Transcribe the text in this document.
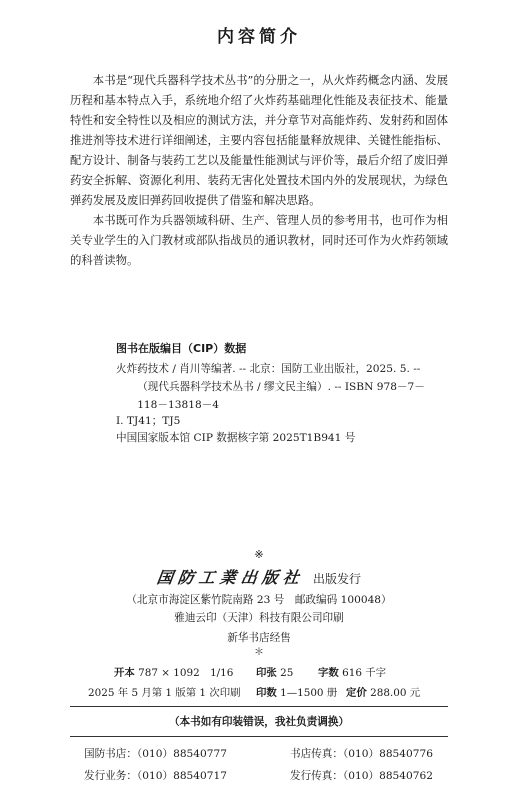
内容简介

本书是“现代兵器科学技术丛书”的分册之一，从火炸药概念内涵、发展历程和基本特点入手，系统地介绍了火炸药基础理化性能及表征技术、能量特性和安全特性以及相应的测试方法，并分章节对高能炸药、发射药和固体推进剂等技术进行详细阐述，主要内容包括能量释放规律、关键性能指标、配方设计、制备与装药工艺以及能量性能测试与评价等，最后介绍了废旧弹药安全拆解、资源化利用、装药无害化处置技术国内外的发展现状，为绿色弹药发展及废旧弹药回收提供了借鉴和解决思路。

本书既可作为兵器领域科研、生产、管理人员的参考用书，也可作为相关专业学生的入门教材或部队指战员的通识教材，同时还可作为火炸药领域的科普读物。

图书在版编目（CIP）数据
火炸药技术 / 肖川等编著. -- 北京：国防工业出版社，2025. 5. --（现代兵器科学技术丛书 / 缪文民主编）. -- ISBN 978－7－118－13818－4
Ⅰ. TJ41；TJ5
中国国家版本馆 CIP 数据核字第 2025T1B941 号
※
国防工業出版社 出版发行
（北京市海淀区紫竹院南路 23 号　邮政编码 100048）
雅迪云印（天津）科技有限公司印刷
新华书店经售
＊
开本 787 × 1092　1/16 印张 25 字数 616 千字
2025 年 5 月第 1 版第 1 次印刷 印数 1—1500 册 定价 288.00 元
（本书如有印装错误，我社负责调换）
国防书店：（010）88540777	书店传真：（010）88540776
发行业务：（010）88540717	发行传真：（010）88540762
